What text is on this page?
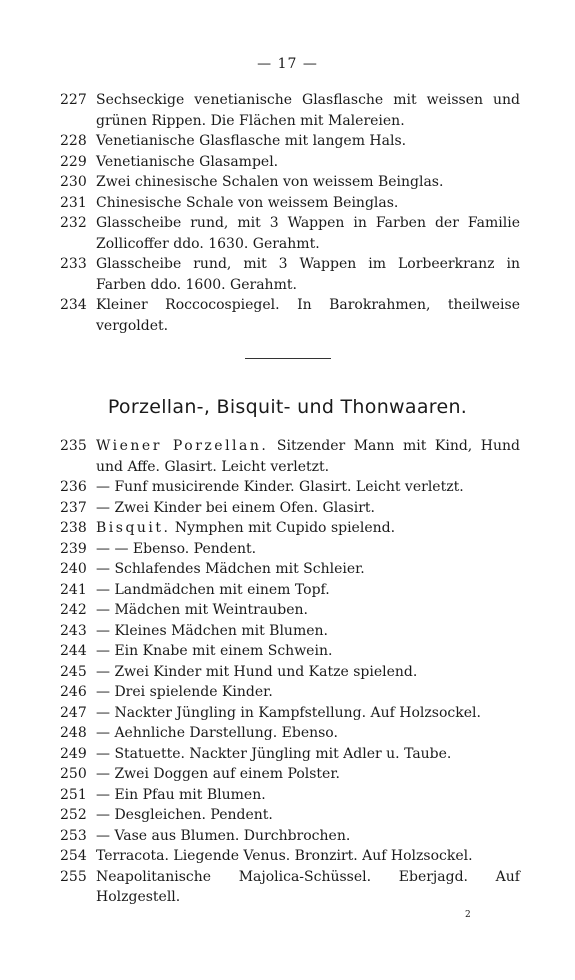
— 17 —
227 Sechseckige venetianische Glasflasche mit weissen und grünen Rippen. Die Flächen mit Malereien.
228 Venetianische Glasflasche mit langem Hals.
229 Venetianische Glasampel.
230 Zwei chinesische Schalen von weissem Beinglas.
231 Chinesische Schale von weissem Beinglas.
232 Glasscheibe rund, mit 3 Wappen in Farben der Familie Zollicoffer ddo. 1630. Gerahmt.
233 Glasscheibe rund, mit 3 Wappen im Lorbeerkranz in Farben ddo. 1600. Gerahmt.
234 Kleiner Roccocospiegel. In Barokrahmen, theilweise vergoldet.
Porzellan-, Bisquit- und Thonwaaren.
235 Wiener Porzellan. Sitzender Mann mit Kind, Hund und Affe. Glasirt. Leicht verletzt.
236 — Funf musicirende Kinder. Glasirt. Leicht verletzt.
237 — Zwei Kinder bei einem Ofen. Glasirt.
238 Bisquit. Nymphen mit Cupido spielend.
239 — — Ebenso. Pendent.
240 — Schlafendes Mädchen mit Schleier.
241 — Landmädchen mit einem Topf.
242 — Mädchen mit Weintrauben.
243 — Kleines Mädchen mit Blumen.
244 — Ein Knabe mit einem Schwein.
245 — Zwei Kinder mit Hund und Katze spielend.
246 — Drei spielende Kinder.
247 — Nackter Jüngling in Kampfstellung. Auf Holzsockel.
248 — Aehnliche Darstellung. Ebenso.
249 — Statuette. Nackter Jüngling mit Adler u. Taube.
250 — Zwei Doggen auf einem Polster.
251 — Ein Pfau mit Blumen.
252 — Desgleichen. Pendent.
253 — Vase aus Blumen. Durchbrochen.
254 Terracota. Liegende Venus. Bronzirt. Auf Holzsockel.
255 Neapolitanische Majolica-Schüssel. Eberjagd. Auf Holzgestell.
2
